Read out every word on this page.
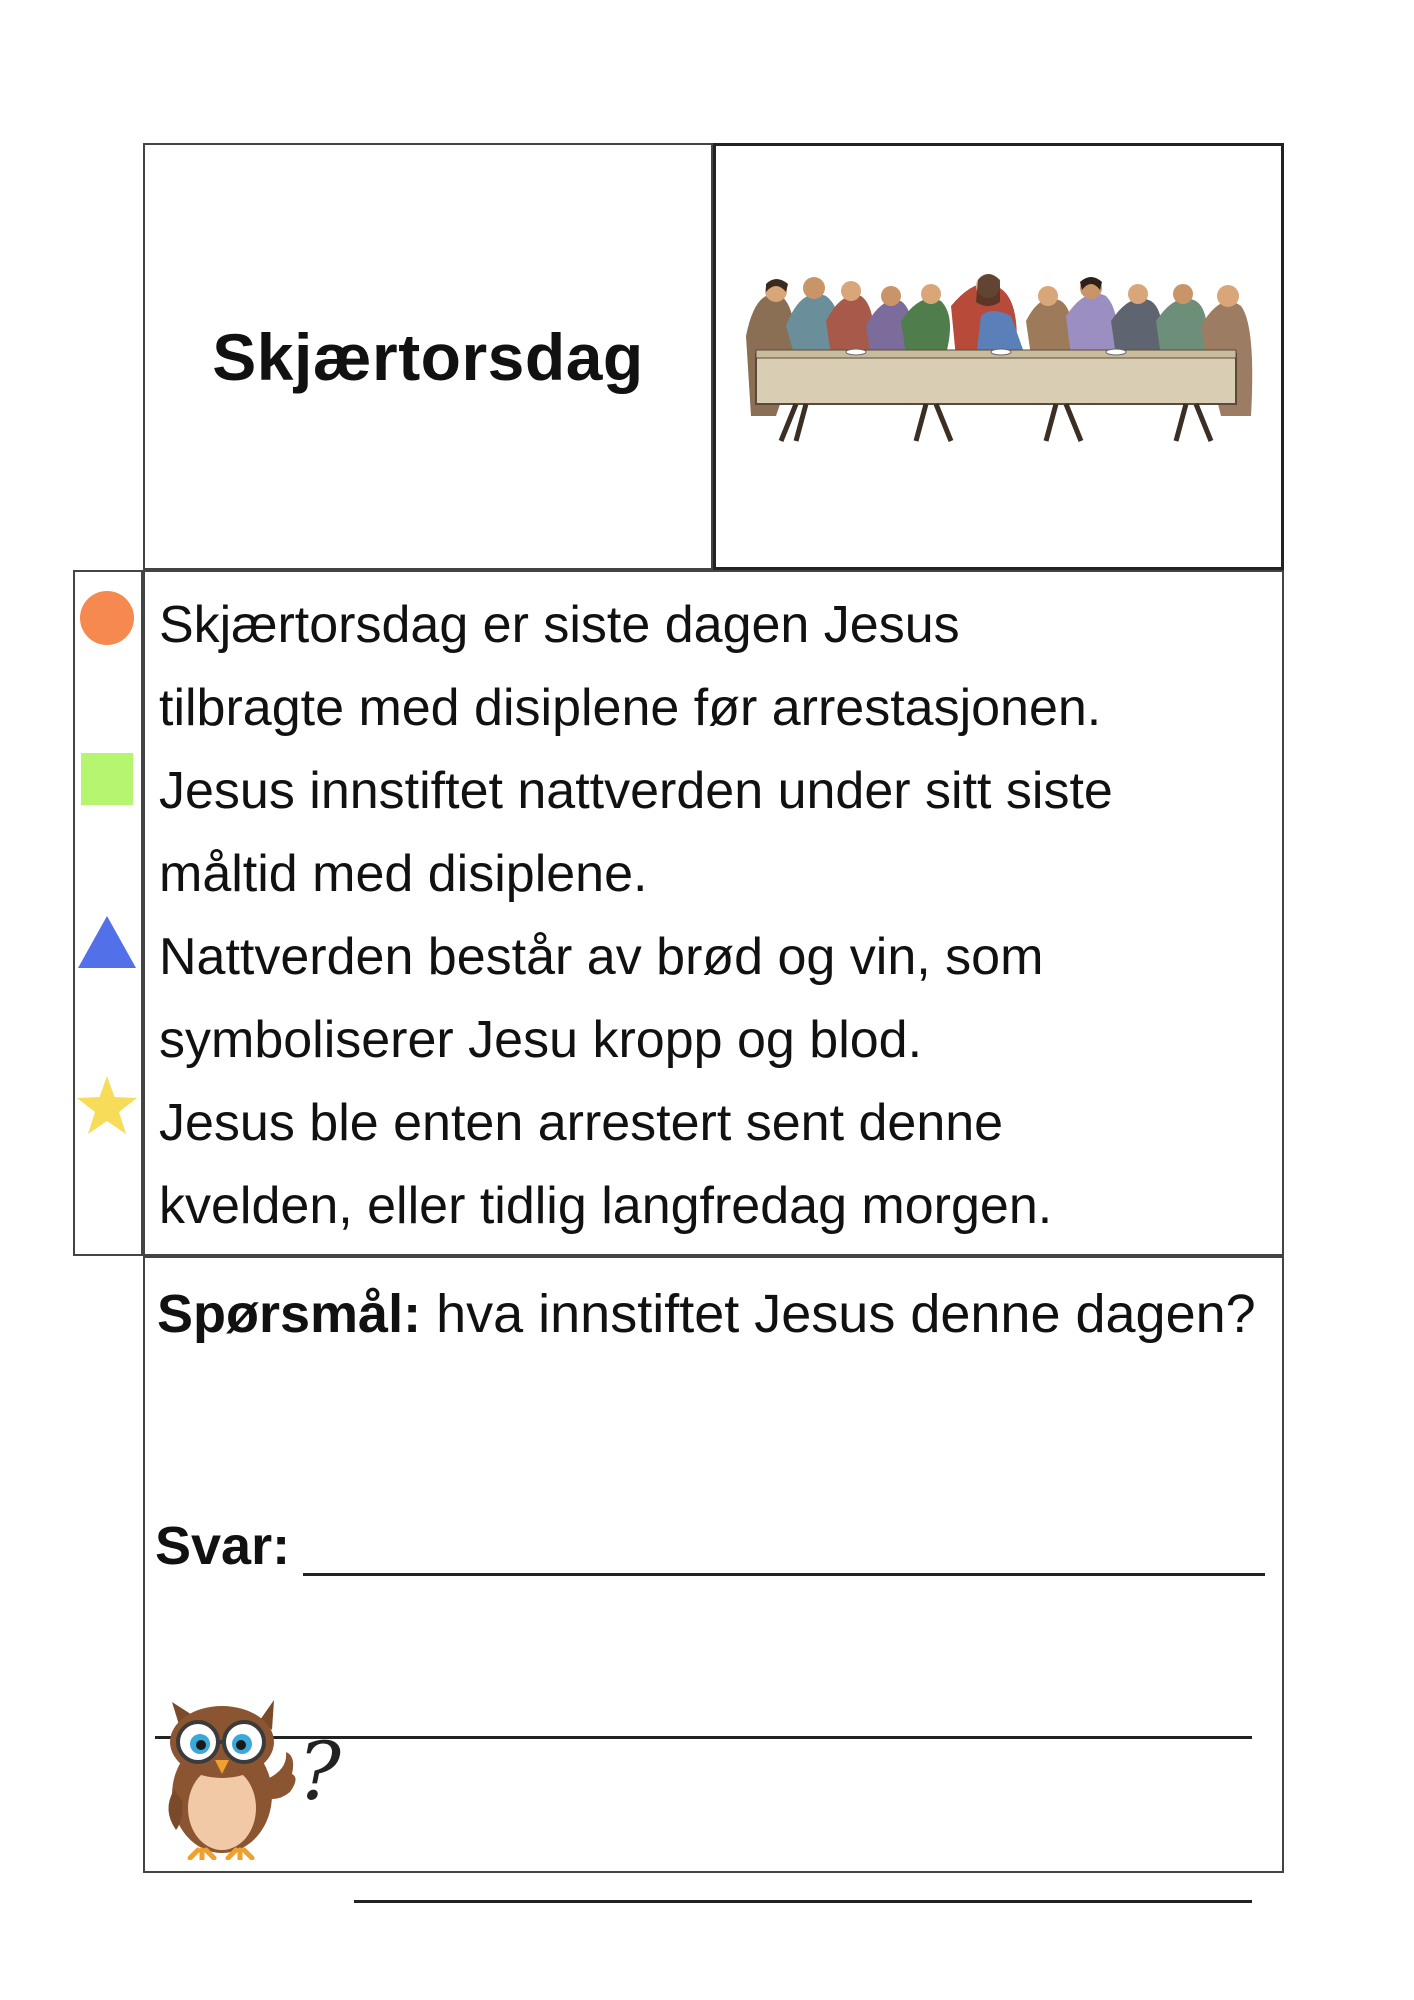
Skjærtorsdag
Skjærtorsdag er siste dagen Jesus
tilbragte med disiplene før arrestasjonen.
Jesus innstiftet nattverden under sitt siste
måltid med disiplene.
Nattverden består av brød og vin, som
symboliserer Jesu kropp og blod.
Jesus ble enten arrestert sent denne
kvelden, eller tidlig langfredag morgen.
Spørsmål: hva innstiftet Jesus denne dagen?
Svar:
?
